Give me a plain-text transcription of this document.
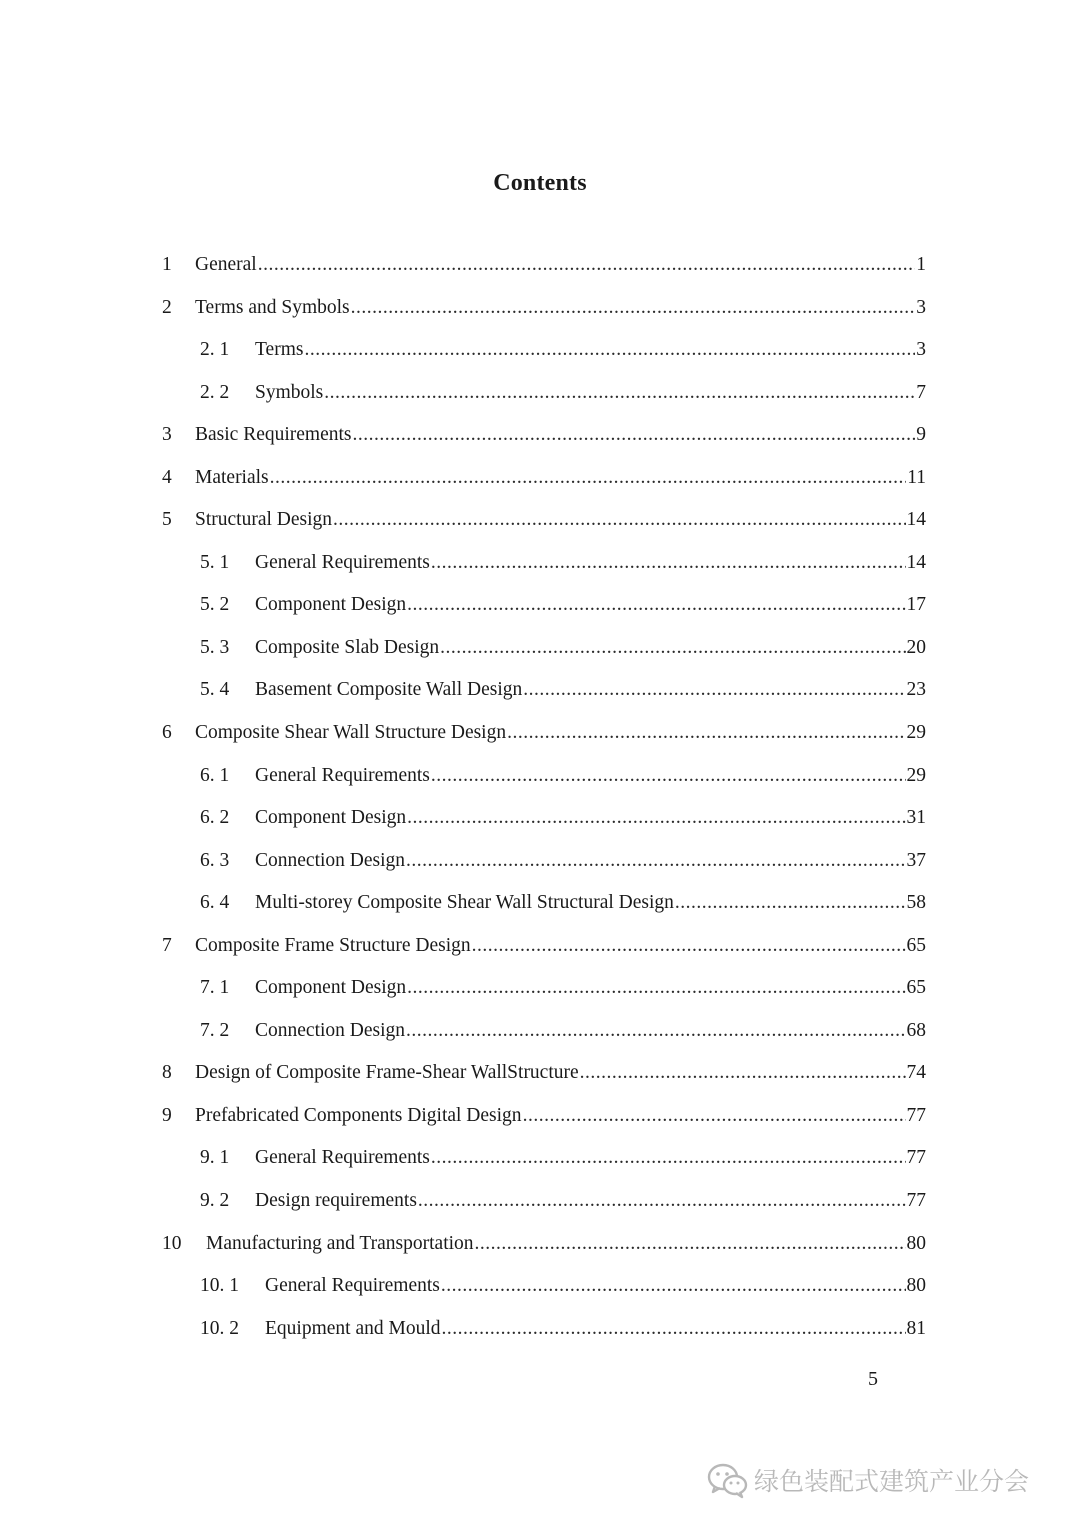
Contents
1	General .....	1
2	Terms and Symbols .....	3
2. 1	Terms .....	3
2. 2	Symbols .....	7
3	Basic Requirements .....	9
4	Materials .....	11
5	Structural Design .....	14
5. 1	General Requirements .....	14
5. 2	Component Design .....	17
5. 3	Composite Slab Design .....	20
5. 4	Basement Composite Wall Design .....	23
6	Composite Shear Wall Structure Design .....	29
6. 1	General Requirements .....	29
6. 2	Component Design .....	31
6. 3	Connection Design .....	37
6. 4	Multi-storey Composite Shear Wall Structural Design .....	58
7	Composite Frame Structure Design .....	65
7. 1	Component Design .....	65
7. 2	Connection Design .....	68
8	Design of Composite Frame-Shear WallStructure .....	74
9	Prefabricated Components Digital Design .....	77
9. 1	General Requirements .....	77
9. 2	Design requirements .....	77
10	Manufacturing and Transportation .....	80
10. 1	General Requirements .....	80
10. 2	Equipment and Mould .....	81
5
绿色装配式建筑产业分会
